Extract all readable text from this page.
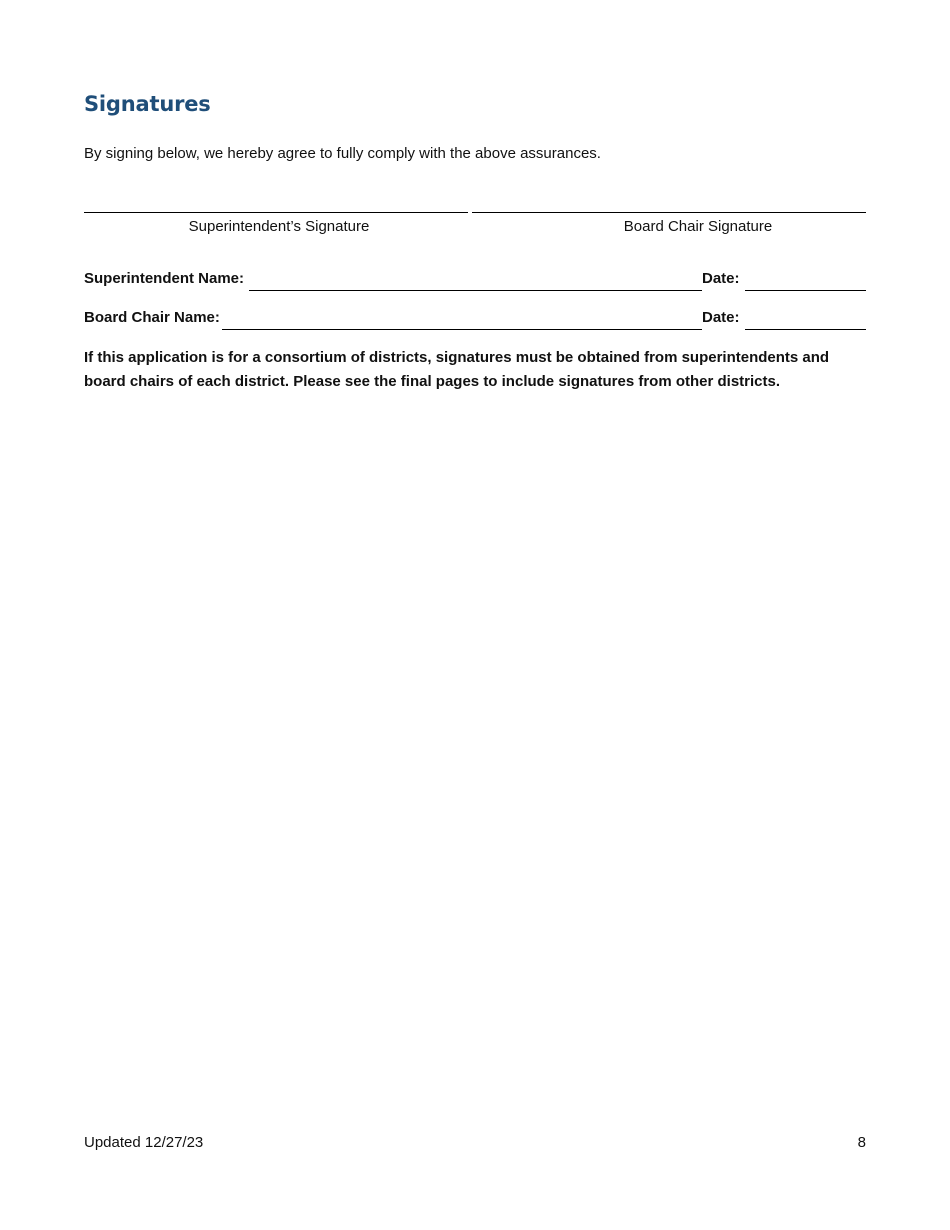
Signatures
By signing below, we hereby agree to fully comply with the above assurances.
Superintendent’s Signature	Board Chair Signature
Superintendent Name:	Date:
Board Chair Name:	Date:
If this application is for a consortium of districts, signatures must be obtained from superintendents and board chairs of each district. Please see the final pages to include signatures from other districts.
Updated 12/27/23	8
